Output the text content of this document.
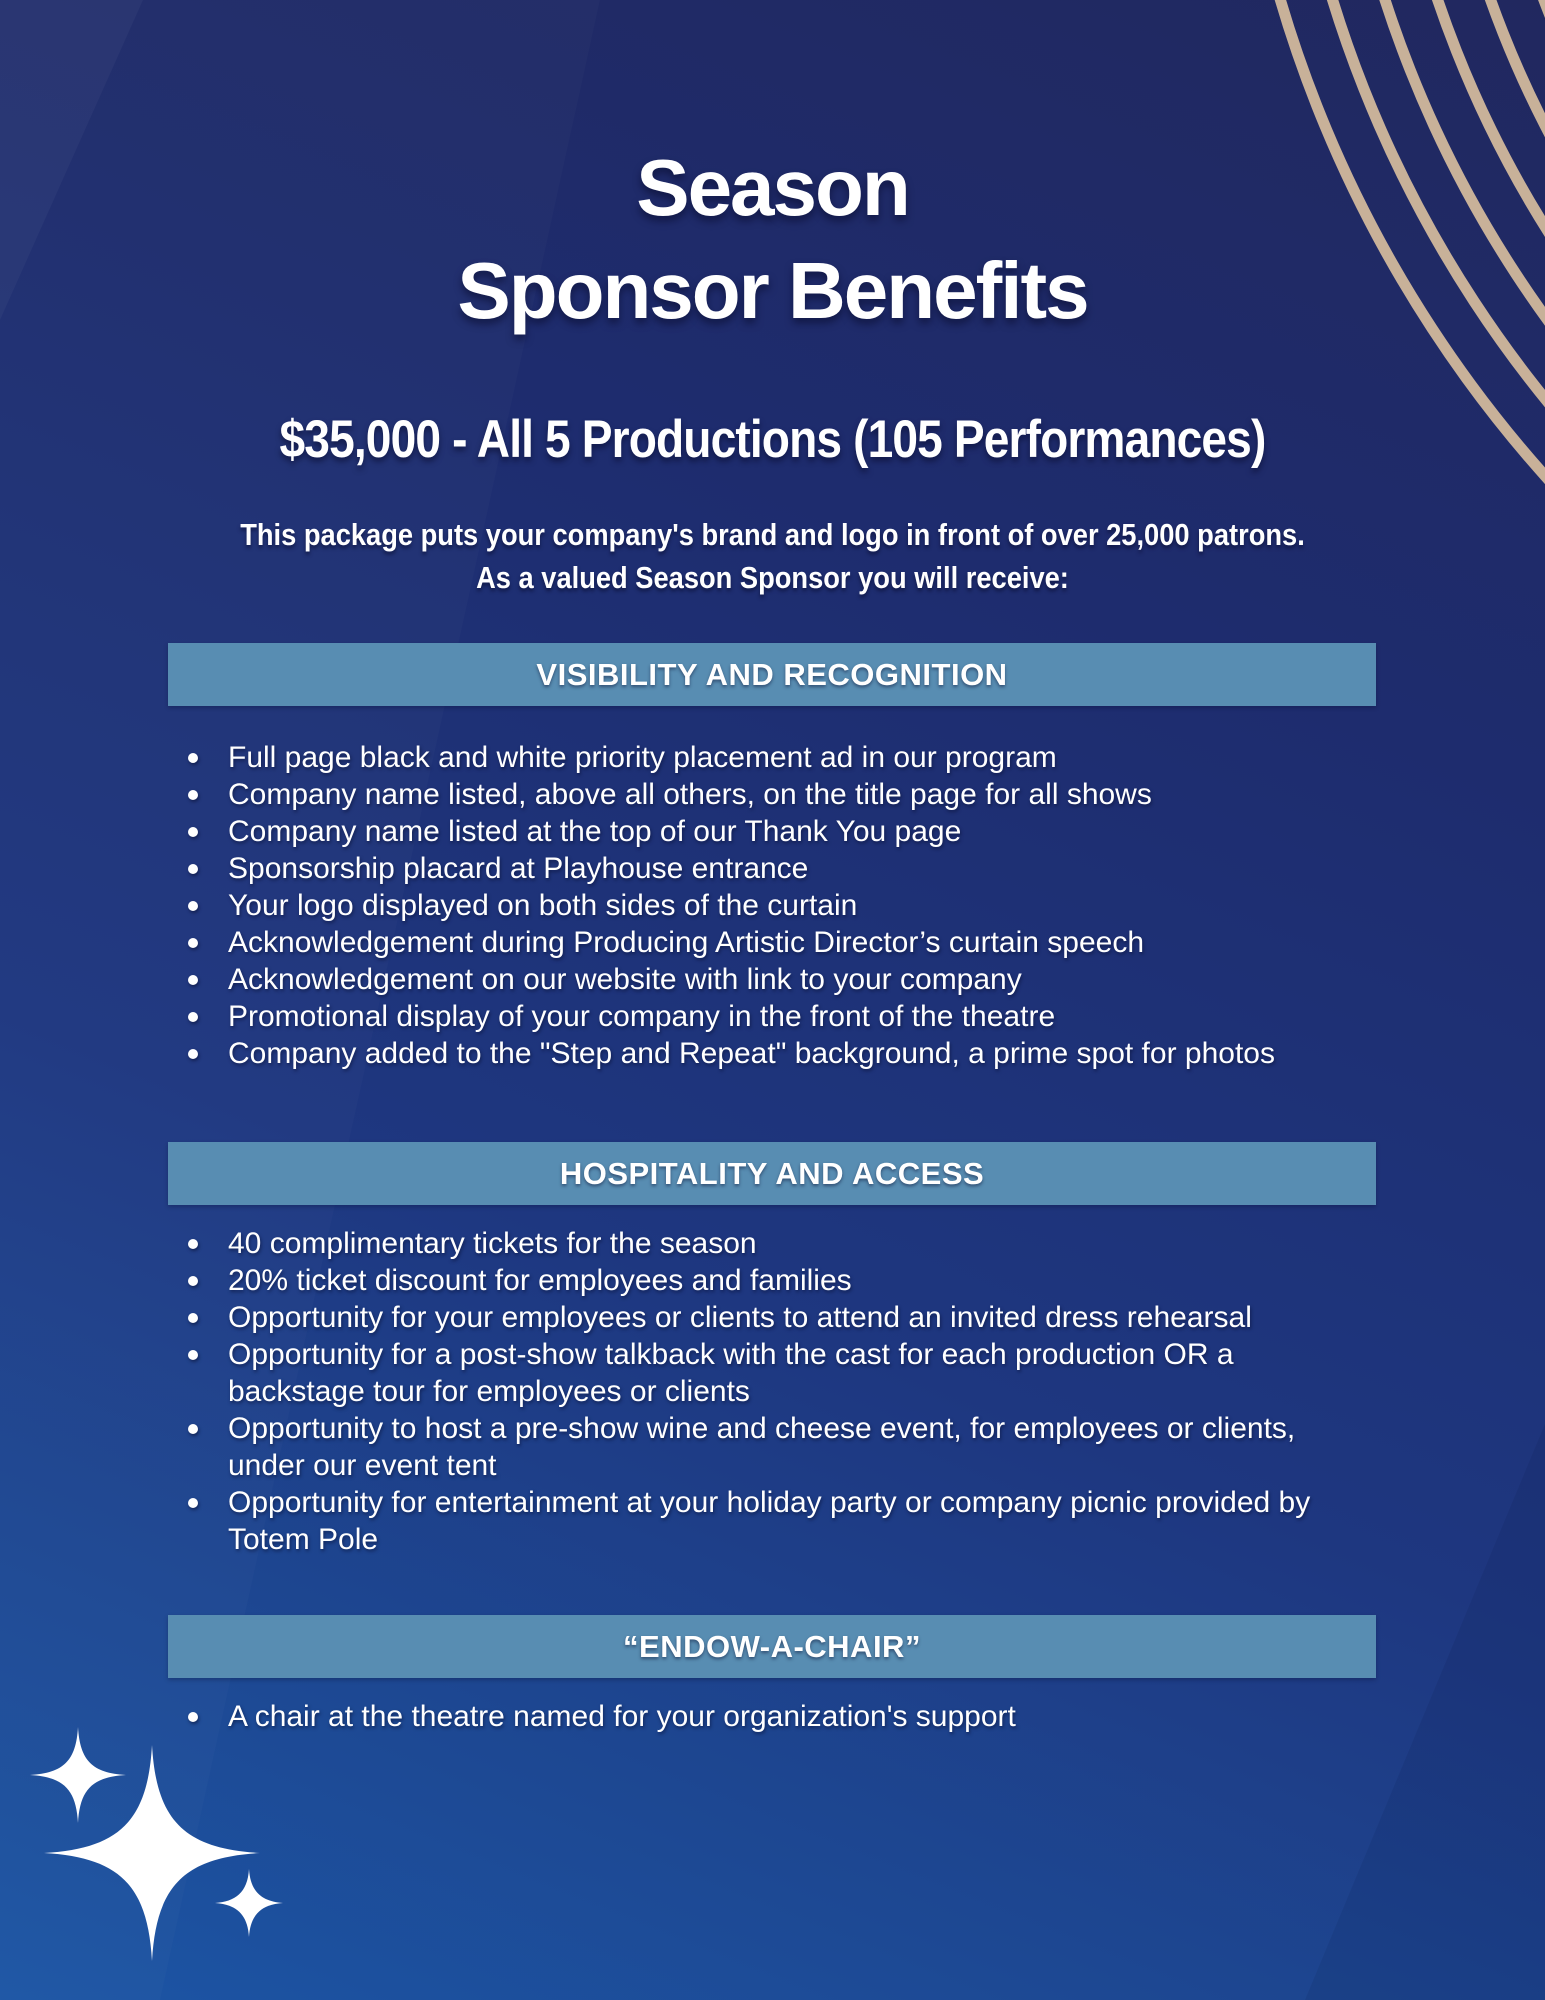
Season
Sponsor Benefits
$35,000 - All 5 Productions (105 Performances)

This package puts your company's brand and logo in front of over 25,000 patrons.
As a valued Season Sponsor you will receive:

VISIBILITY AND RECOGNITION
Full page black and white priority placement ad in our program
Company name listed, above all others, on the title page for all shows
Company name listed at the top of our Thank You page
Sponsorship placard at Playhouse entrance
Your logo displayed on both sides of the curtain
Acknowledgement during Producing Artistic Director’s curtain speech
Acknowledgement on our website with link to your company
Promotional display of your company in the front of the theatre
Company added to the "Step and Repeat" background, a prime spot for photos
HOSPITALITY AND ACCESS
40 complimentary tickets for the season
20% ticket discount for employees and families
Opportunity for your employees or clients to attend an invited dress rehearsal
Opportunity for a post-show talkback with the cast for each production OR a backstage tour for employees or clients
Opportunity to host a pre-show wine and cheese event, for employees or clients, under our event tent
Opportunity for entertainment at your holiday party or company picnic provided by Totem Pole
“ENDOW-A-CHAIR”
A chair at the theatre named for your organization's support
